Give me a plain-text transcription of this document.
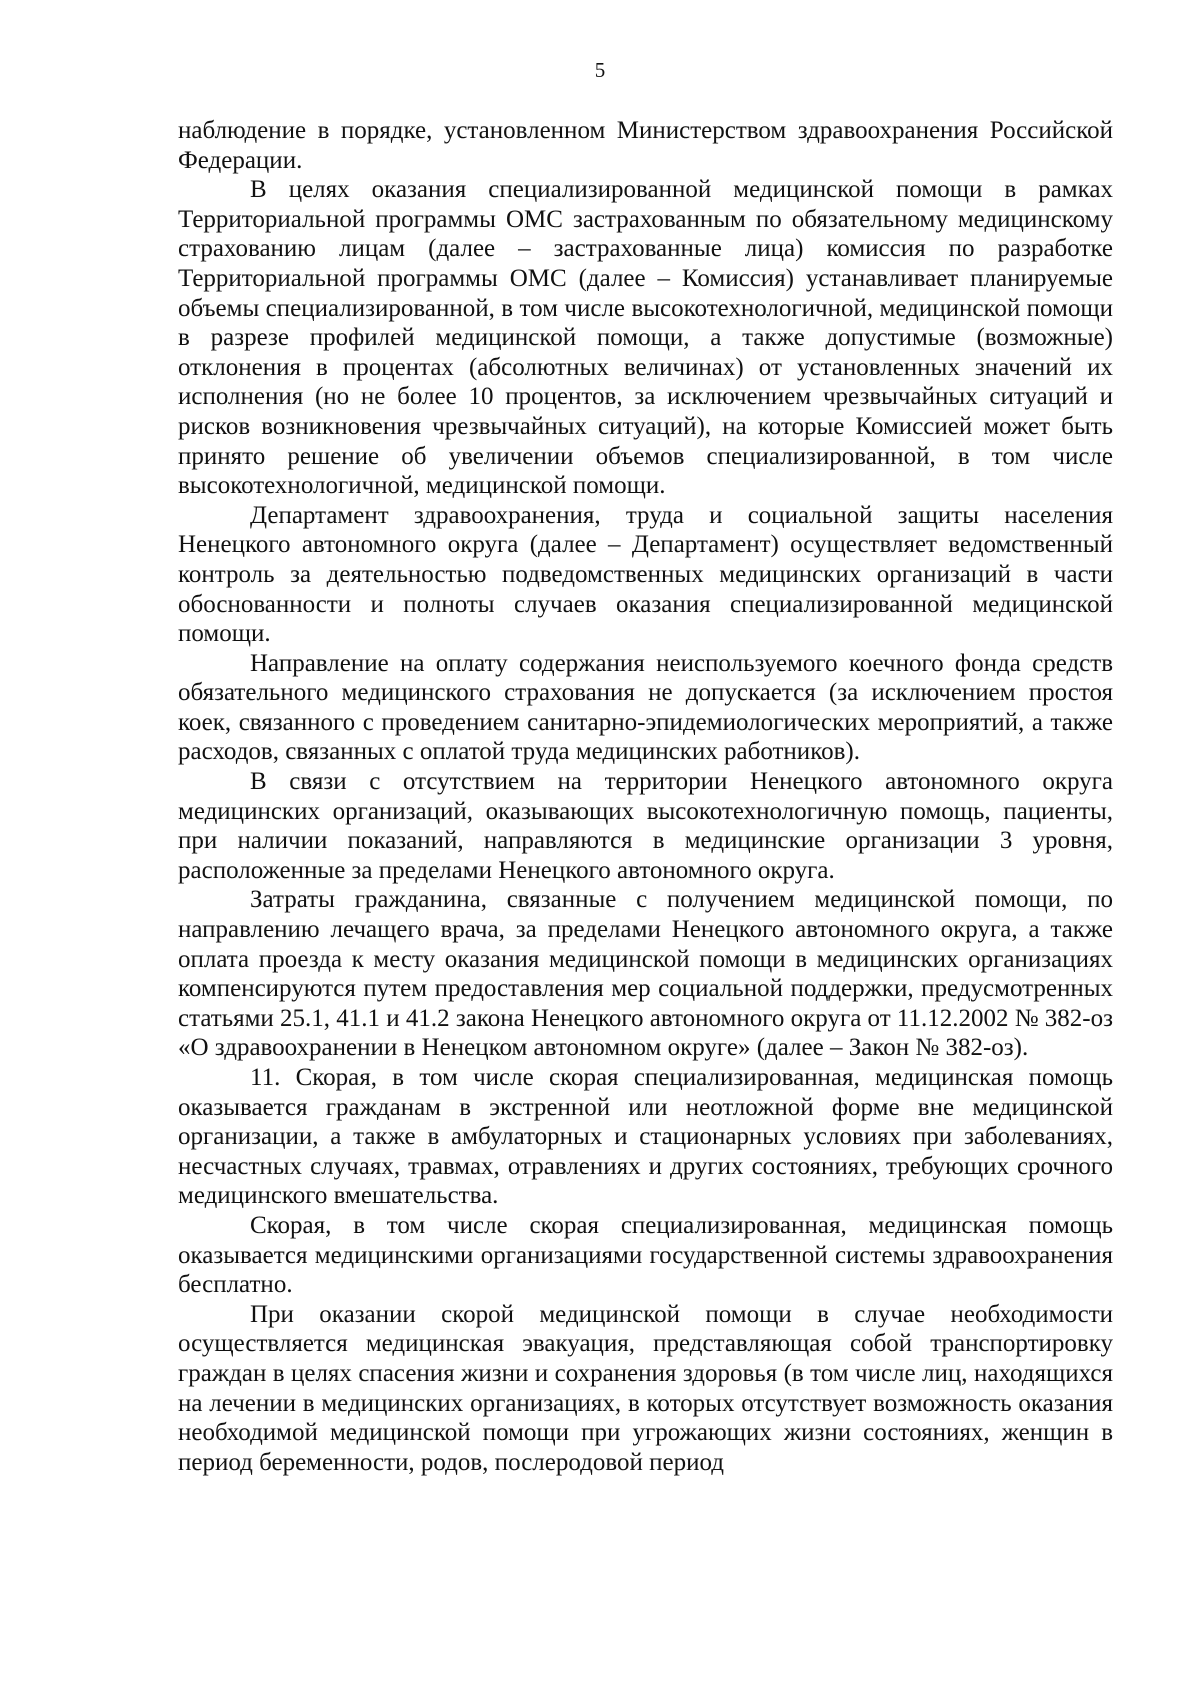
5

наблюдение в порядке, установленном Министерством здравоохранения Российской Федерации.

В целях оказания специализированной медицинской помощи в рамках Территориальной программы ОМС застрахованным по обязательному медицинскому страхованию лицам (далее – застрахованные лица) комиссия по разработке Территориальной программы ОМС (далее – Комиссия) устанавливает планируемые объемы специализированной, в том числе высокотехнологичной, медицинской помощи в разрезе профилей медицинской помощи, а также допустимые (возможные) отклонения в процентах (абсолютных величинах) от установленных значений их исполнения (но не более 10 процентов, за исключением чрезвычайных ситуаций и рисков возникновения чрезвычайных ситуаций), на которые Комиссией может быть принято решение об увеличении объемов специализированной, в том числе высокотехнологичной, медицинской помощи.

Департамент здравоохранения, труда и социальной защиты населения Ненецкого автономного округа (далее – Департамент) осуществляет ведомственный контроль за деятельностью подведомственных медицинских организаций в части обоснованности и полноты случаев оказания специализированной медицинской помощи.

Направление на оплату содержания неиспользуемого коечного фонда средств обязательного медицинского страхования не допускается (за исключением простоя коек, связанного с проведением санитарно-эпидемиологических мероприятий, а также расходов, связанных с оплатой труда медицинских работников).

В связи с отсутствием на территории Ненецкого автономного округа медицинских организаций, оказывающих высокотехнологичную помощь, пациенты, при наличии показаний, направляются в медицинские организации 3 уровня, расположенные за пределами Ненецкого автономного округа.

Затраты гражданина, связанные с получением медицинской помощи, по направлению лечащего врача, за пределами Ненецкого автономного округа, а также оплата проезда к месту оказания медицинской помощи в медицинских организациях компенсируются путем предоставления мер социальной поддержки, предусмотренных статьями 25.1, 41.1 и 41.2 закона Ненецкого автономного округа от 11.12.2002 № 382-оз «О здравоохранении в Ненецком автономном округе» (далее – Закон № 382-оз).

11. Скорая, в том числе скорая специализированная, медицинская помощь оказывается гражданам в экстренной или неотложной форме вне медицинской организации, а также в амбулаторных и стационарных условиях при заболеваниях, несчастных случаях, травмах, отравлениях и других состояниях, требующих срочного медицинского вмешательства.

Скорая, в том числе скорая специализированная, медицинская помощь оказывается медицинскими организациями государственной системы здравоохранения бесплатно.

При оказании скорой медицинской помощи в случае необходимости осуществляется медицинская эвакуация, представляющая собой транспортировку граждан в целях спасения жизни и сохранения здоровья (в том числе лиц, находящихся на лечении в медицинских организациях, в которых отсутствует возможность оказания необходимой медицинской помощи при угрожающих жизни состояниях, женщин в период беременности, родов, послеродовой период
